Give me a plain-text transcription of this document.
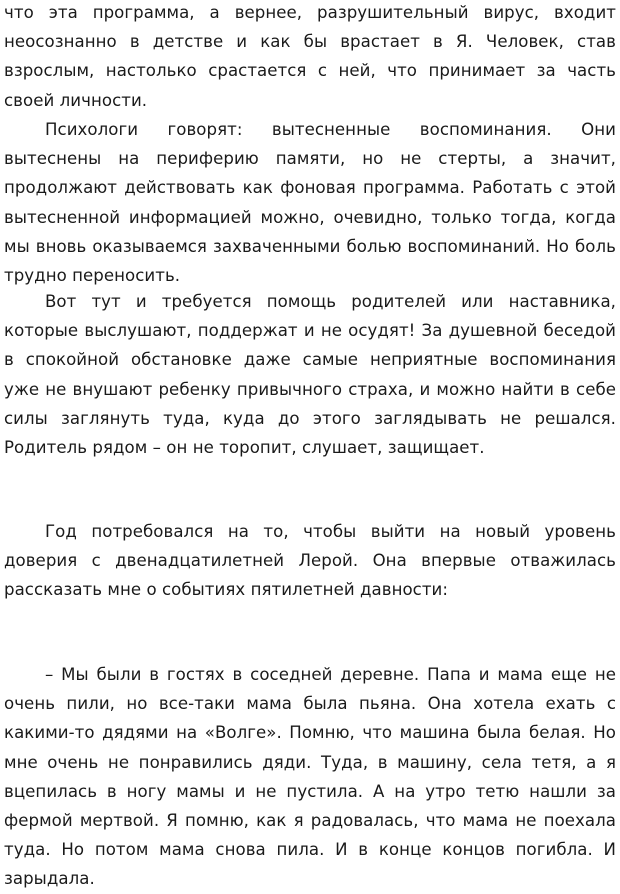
что эта программа, а вернее, разрушительный вирус, входит неосознанно в детстве и как бы врастает в Я. Человек, став взрослым, настолько срастается с ней, что принимает за часть своей личности.

Психологи говорят: вытесненные воспоминания. Они вытеснены на периферию памяти, но не стерты, а значит, продолжают действовать как фоновая программа. Работать с этой вытесненной информацией можно, очевидно, только тогда, когда мы вновь оказываемся захваченными болью воспоминаний. Но боль трудно переносить.

Вот тут и требуется помощь родителей или наставника, которые выслушают, поддержат и не осудят! За душевной беседой в спокойной обстановке даже самые неприятные воспоминания уже не внушают ребенку привычного страха, и можно найти в себе силы заглянуть туда, куда до этого заглядывать не решался. Родитель рядом – он не торопит, слушает, защищает.

Год потребовался на то, чтобы выйти на новый уровень доверия с двенадцатилетней Лерой. Она впервые отважилась рассказать мне о событиях пятилетней давности:

– Мы были в гостях в соседней деревне. Папа и мама еще не очень пили, но все-таки мама была пьяна. Она хотела ехать с какими-то дядями на «Волге». Помню, что машина была белая. Но мне очень не понравились дяди. Туда, в машину, села тетя, а я вцепилась в ногу мамы и не пустила. А на утро тетю нашли за фермой мертвой. Я помню, как я радовалась, что мама не поехала туда. Но потом мама снова пила. И в конце концов погибла. И зарыдала.
